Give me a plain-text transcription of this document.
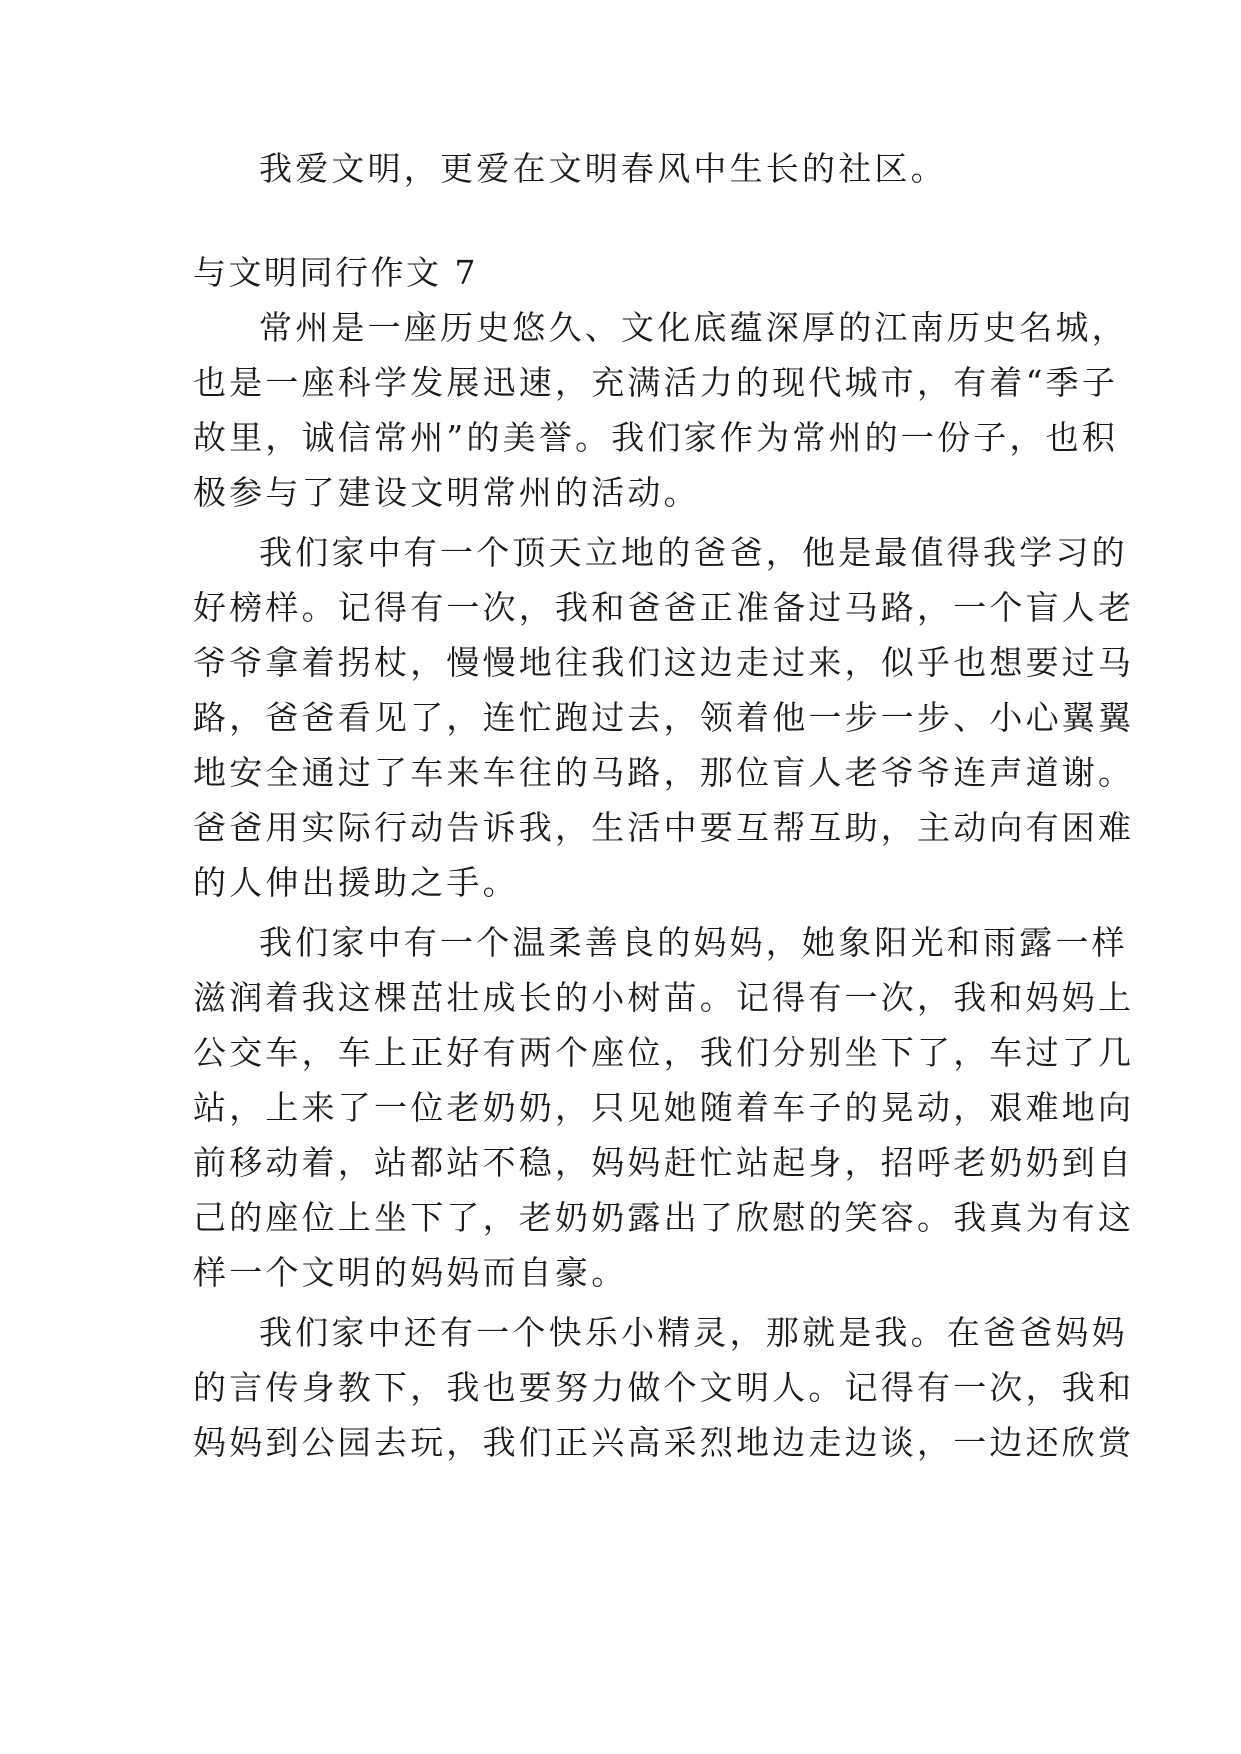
我爱文明，更爱在文明春风中生长的社区。
与文明同行作文 7
常州是一座历史悠久、文化底蕴深厚的江南历史名城，
也是一座科学发展迅速，充满活力的现代城市，有着“季子
故里，诚信常州”的美誉。我们家作为常州的一份子，也积
极参与了建设文明常州的活动。
我们家中有一个顶天立地的爸爸，他是最值得我学习的
好榜样。记得有一次，我和爸爸正准备过马路，一个盲人老
爷爷拿着拐杖，慢慢地往我们这边走过来，似乎也想要过马
路，爸爸看见了，连忙跑过去，领着他一步一步、小心翼翼
地安全通过了车来车往的马路，那位盲人老爷爷连声道谢。
爸爸用实际行动告诉我，生活中要互帮互助，主动向有困难
的人伸出援助之手。
我们家中有一个温柔善良的妈妈，她象阳光和雨露一样
滋润着我这棵茁壮成长的小树苗。记得有一次，我和妈妈上
公交车，车上正好有两个座位，我们分别坐下了，车过了几
站，上来了一位老奶奶，只见她随着车子的晃动，艰难地向
前移动着，站都站不稳，妈妈赶忙站起身，招呼老奶奶到自
己的座位上坐下了，老奶奶露出了欣慰的笑容。我真为有这
样一个文明的妈妈而自豪。
我们家中还有一个快乐小精灵，那就是我。在爸爸妈妈
的言传身教下，我也要努力做个文明人。记得有一次，我和
妈妈到公园去玩，我们正兴高采烈地边走边谈，一边还欣赏
